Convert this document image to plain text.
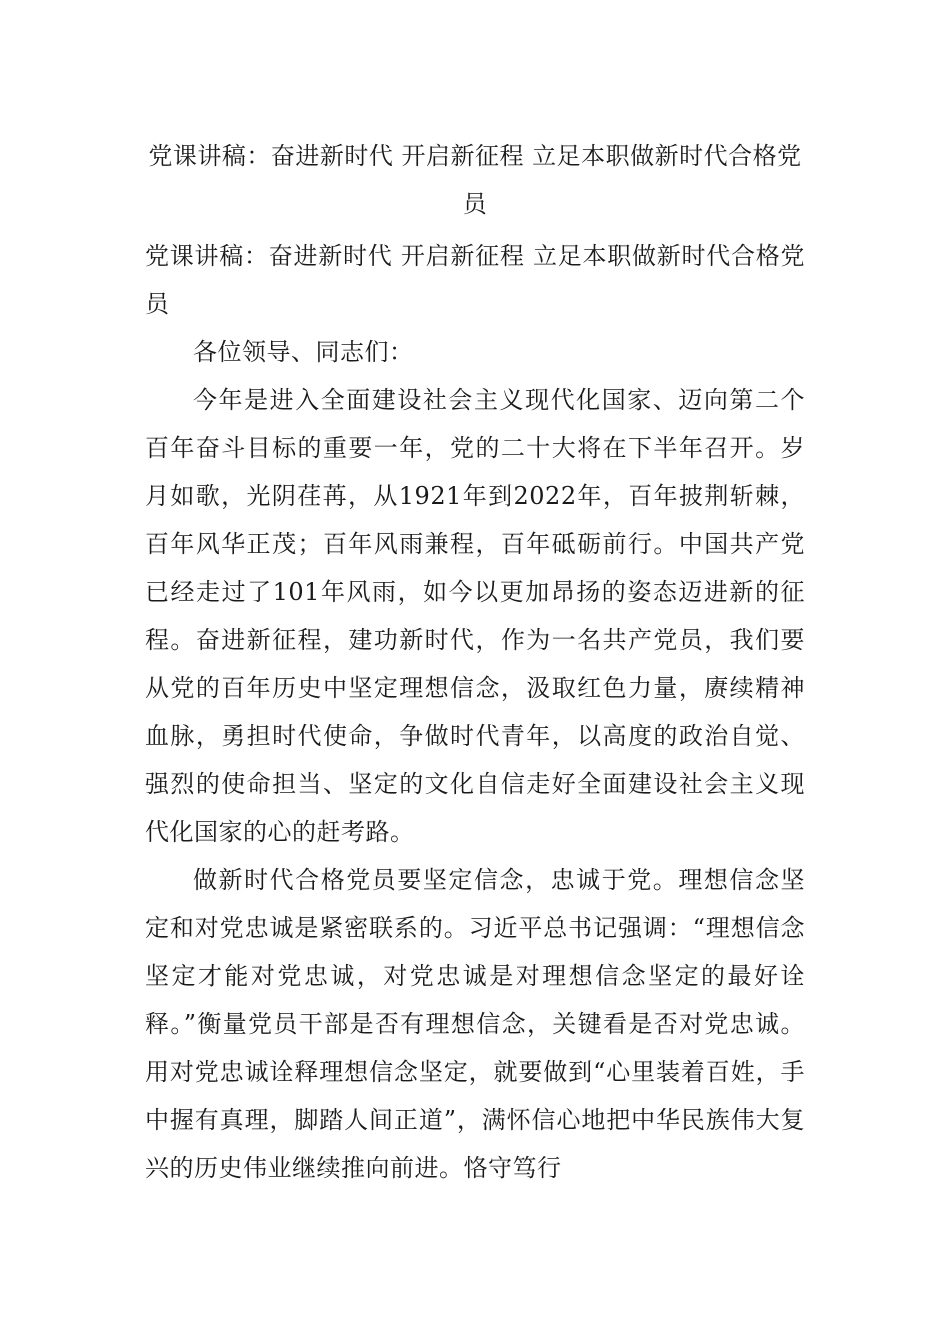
党课讲稿：奋进新时代 开启新征程 立足本职做新时代合格党员

党课讲稿：奋进新时代 开启新征程 立足本职做新时代合格党员

各位领导、同志们：

今年是进入全面建设社会主义现代化国家、迈向第二个百年奋斗目标的重要一年，党的二十大将在下半年召开。岁月如歌，光阴荏苒，从1921年到2022年，百年披荆斩棘，百年风华正茂；百年风雨兼程，百年砥砺前行。中国共产党已经走过了101年风雨，如今以更加昂扬的姿态迈进新的征程。奋进新征程，建功新时代，作为一名共产党员，我们要从党的百年历史中坚定理想信念，汲取红色力量，赓续精神血脉，勇担时代使命，争做时代青年，以高度的政治自觉、强烈的使命担当、坚定的文化自信走好全面建设社会主义现代化国家的心的赶考路。

做新时代合格党员要坚定信念，忠诚于党。理想信念坚定和对党忠诚是紧密联系的。习近平总书记强调：“理想信念坚定才能对党忠诚，对党忠诚是对理想信念坚定的最好诠释。”衡量党员干部是否有理想信念，关键看是否对党忠诚。用对党忠诚诠释理想信念坚定，就要做到“心里装着百姓，手中握有真理，脚踏人间正道”，满怀信心地把中华民族伟大复兴的历史伟业继续推向前进。恪守笃行
